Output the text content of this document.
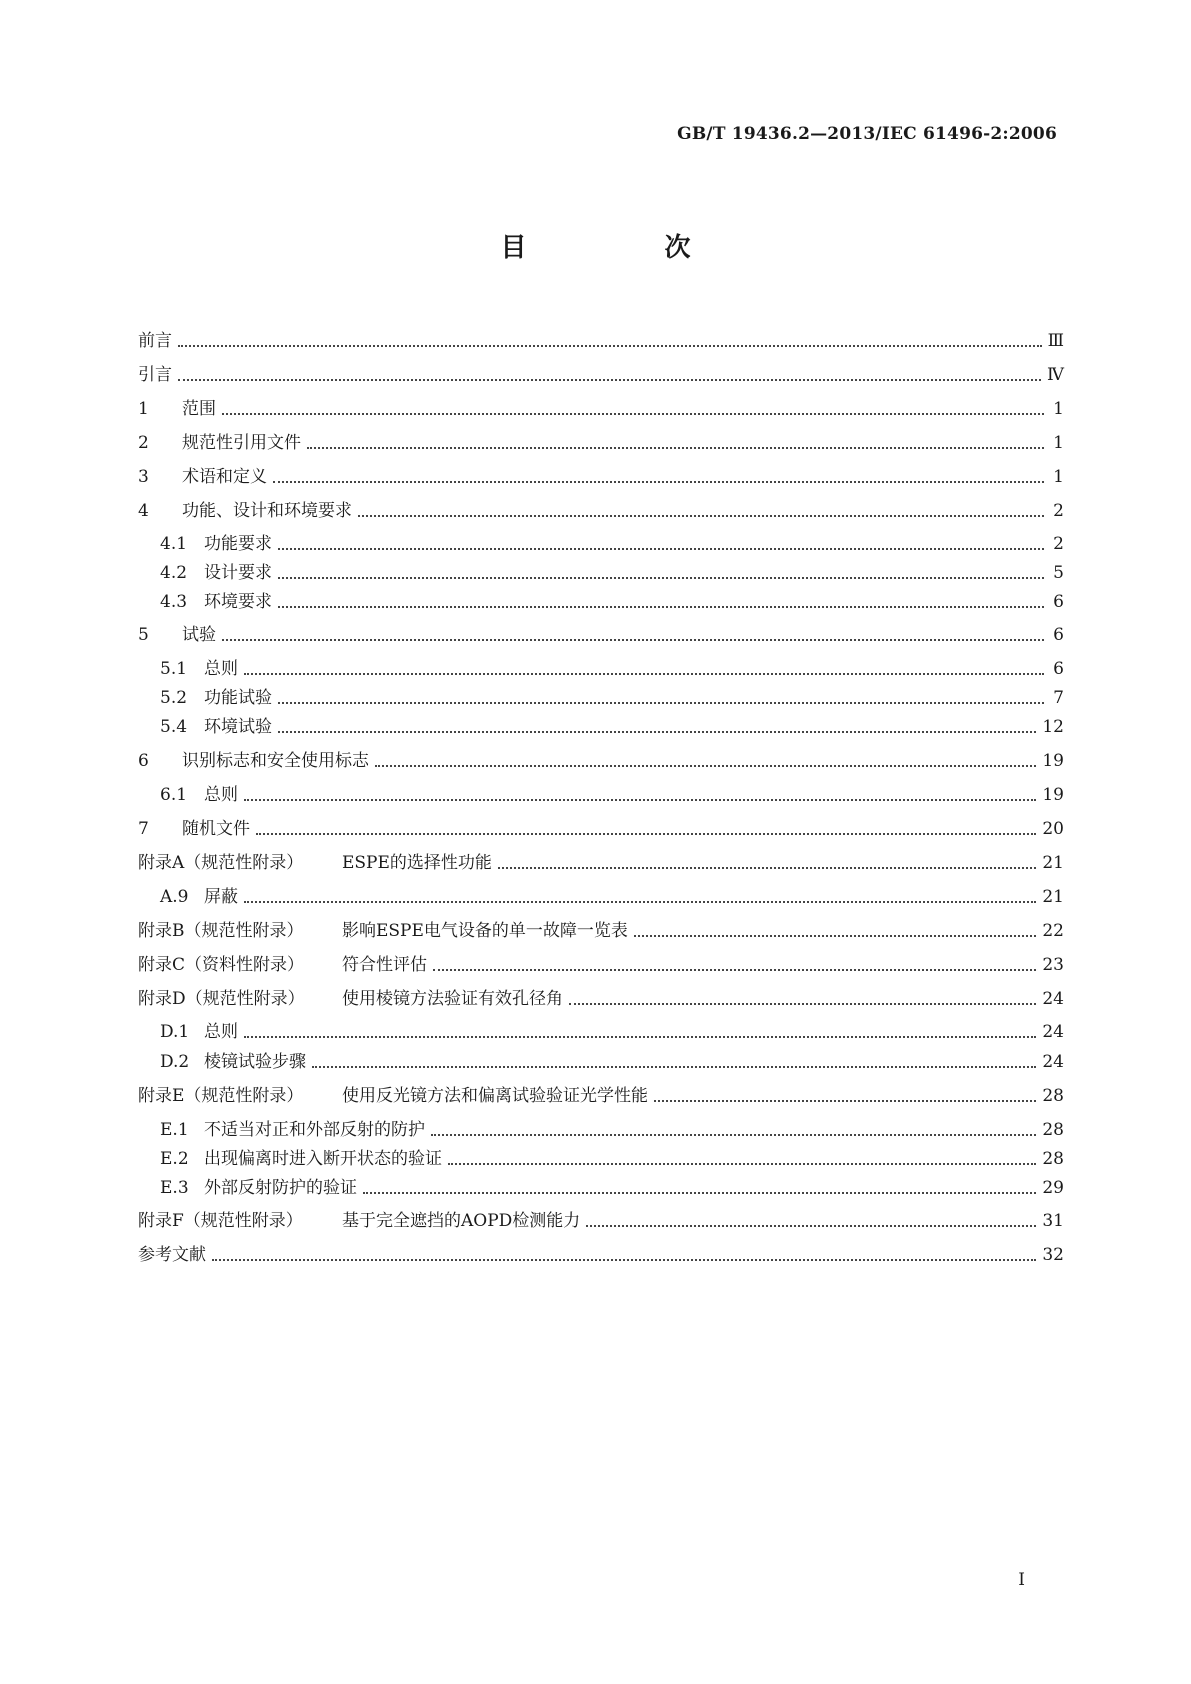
GB/T 19436.2—2013/IEC 61496-2:2006
目　次
前言	Ⅲ
引言	Ⅳ
1	范围	1
2	规范性引用文件	1
3	术语和定义	1
4	功能、设计和环境要求	2
4.1 功能要求	2
4.2 设计要求	5
4.3 环境要求	6
5	试验	6
5.1 总则	6
5.2 功能试验	7
5.4 环境试验	12
6	识别标志和安全使用标志	19
6.1 总则	19
7	随机文件	20
附录A（规范性附录）	ESPE的选择性功能	21
A.9 屏蔽	21
附录B（规范性附录）	影响ESPE电气设备的单一故障一览表	22
附录C（资料性附录）	符合性评估	23
附录D（规范性附录）	使用棱镜方法验证有效孔径角	24
D.1 总则	24
D.2 棱镜试验步骤	24
附录E（规范性附录）	使用反光镜方法和偏离试验验证光学性能	28
E.1 不适当对正和外部反射的防护	28
E.2 出现偏离时进入断开状态的验证	28
E.3 外部反射防护的验证	29
附录F（规范性附录）	基于完全遮挡的AOPD检测能力	31
参考文献	32
I
